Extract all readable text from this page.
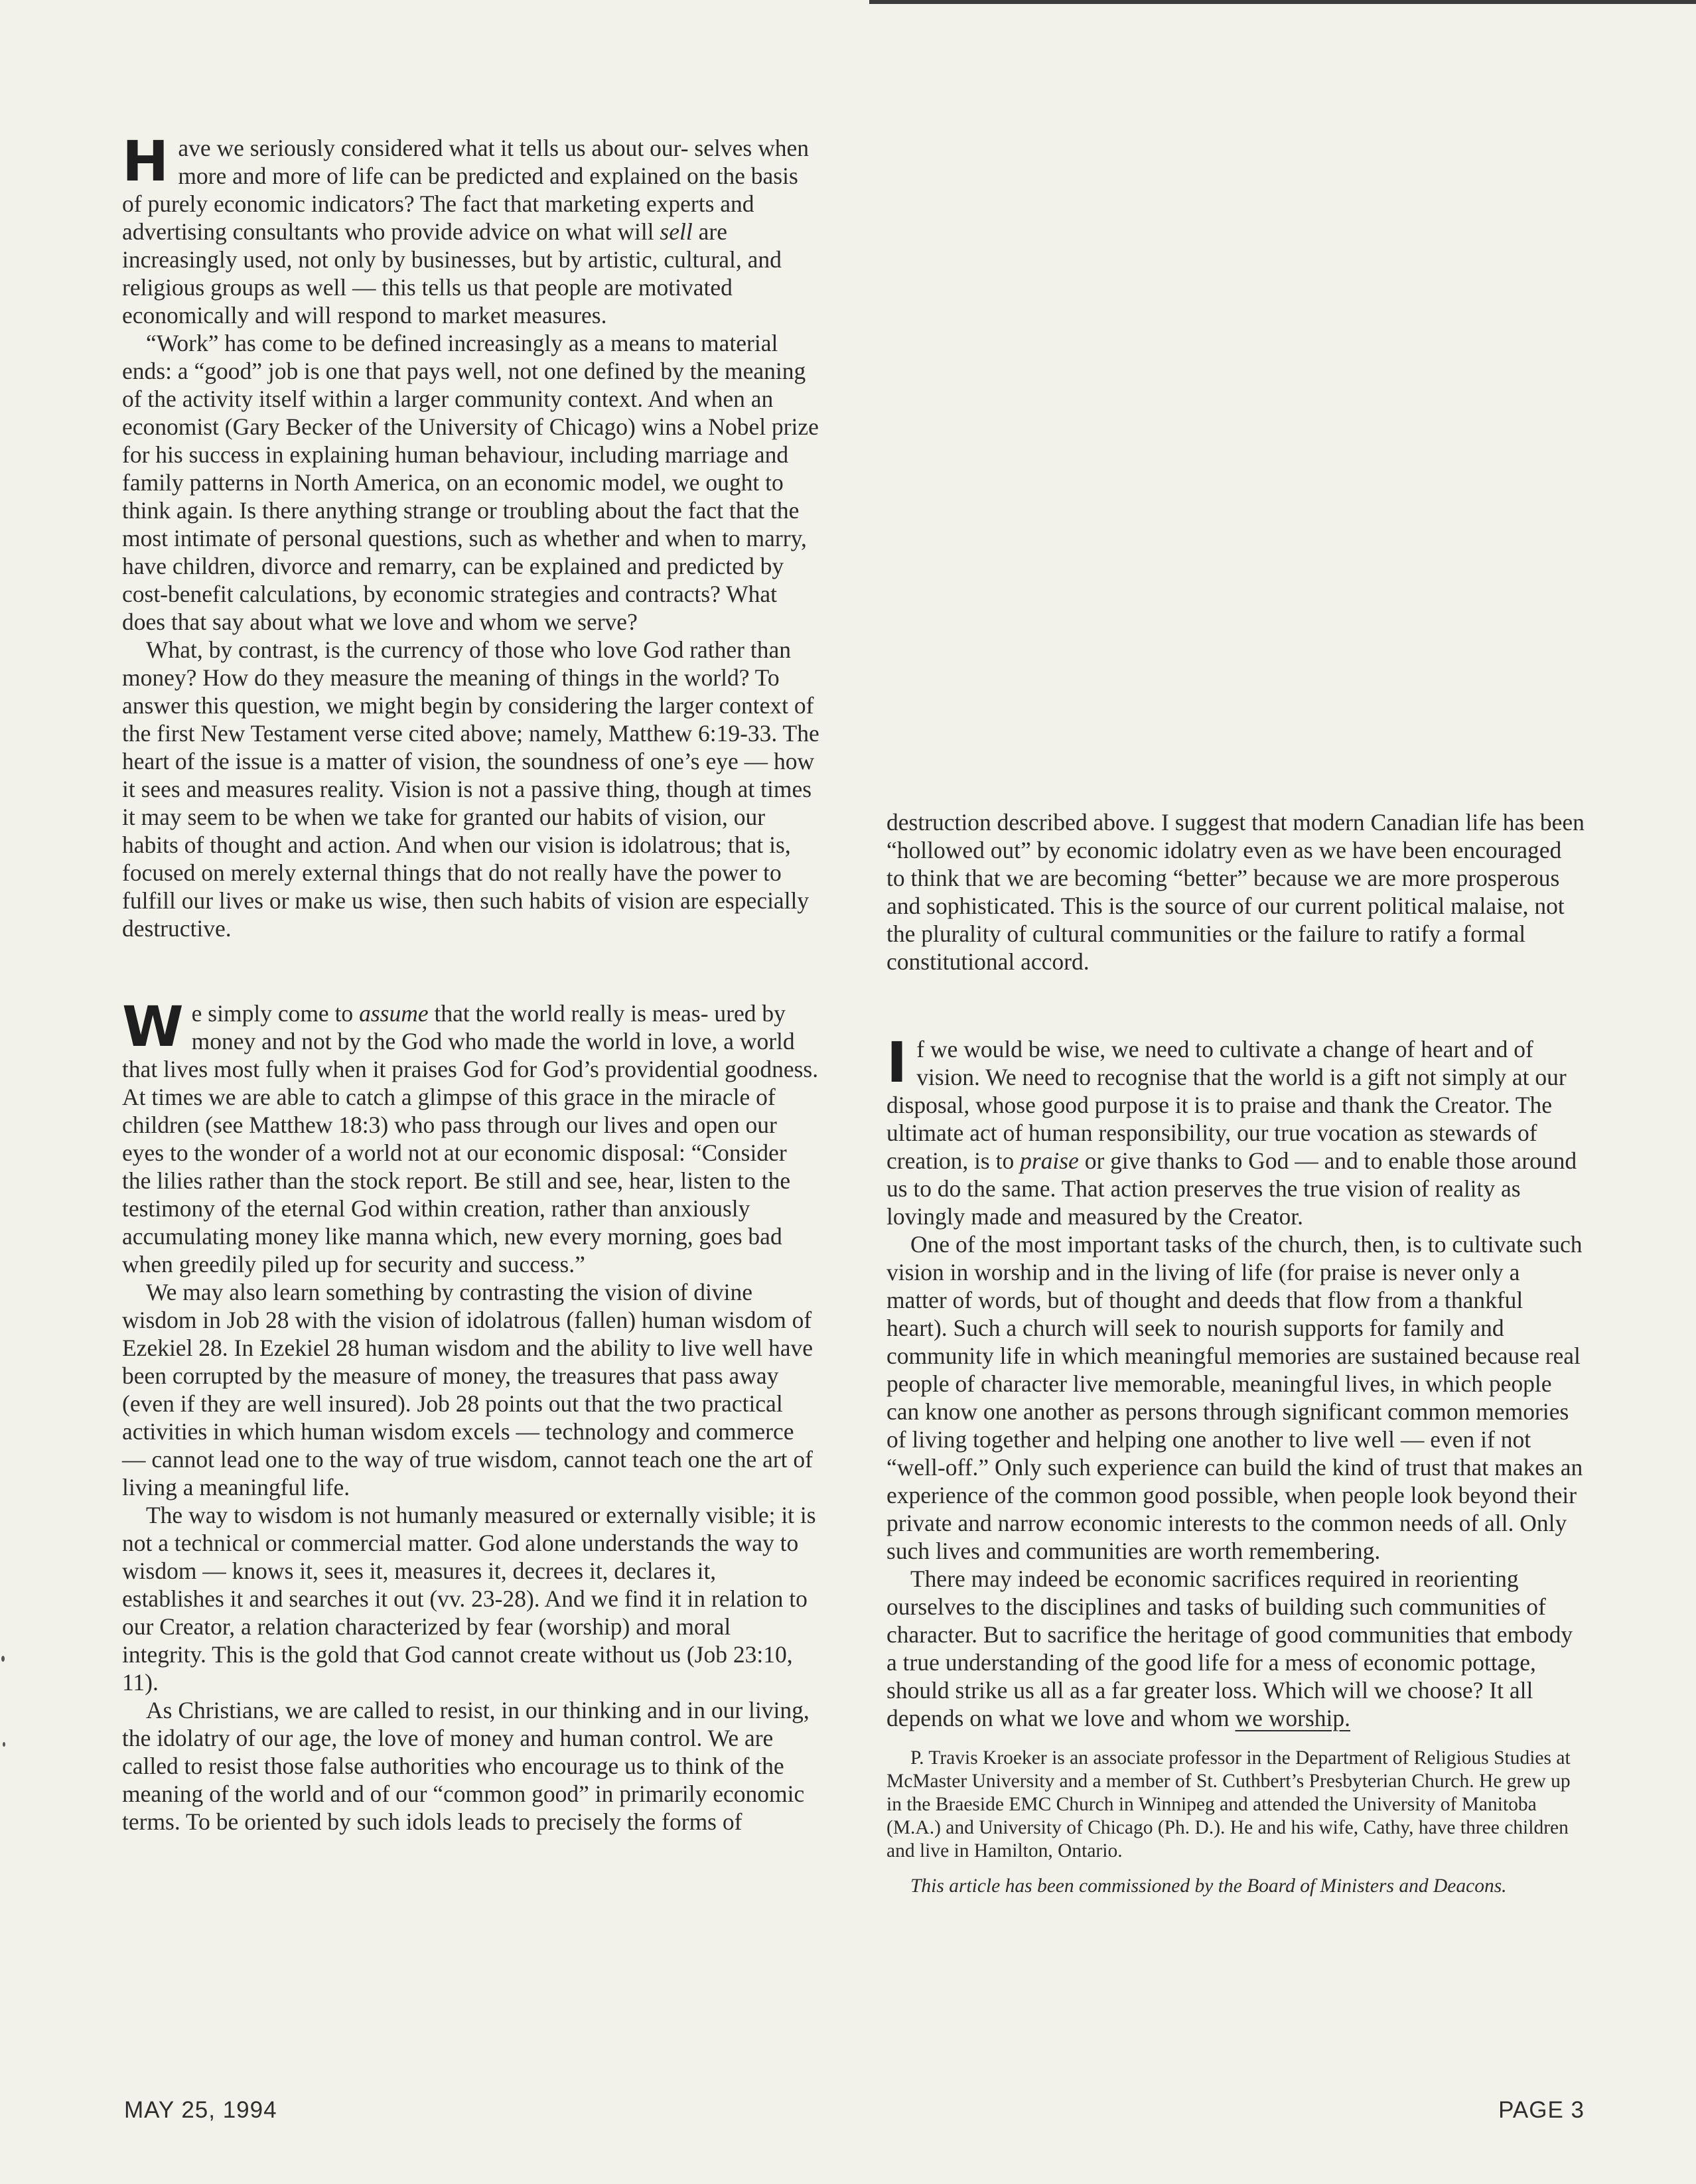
Have we seriously considered what it tells us about our- selves when more and more of life can be predicted and explained on the basis of purely economic indicators? The fact that marketing experts and advertising consultants who provide advice on what will sell are increasingly used, not only by businesses, but by artistic, cultural, and religious groups as well — this tells us that people are motivated economically and will respond to market measures.

“Work” has come to be defined increasingly as a means to material ends: a “good” job is one that pays well, not one defined by the meaning of the activity itself within a larger community context. And when an economist (Gary Becker of the University of Chicago) wins a Nobel prize for his success in explaining human behaviour, including marriage and family patterns in North America, on an economic model, we ought to think again. Is there anything strange or troubling about the fact that the most intimate of personal questions, such as whether and when to marry, have children, divorce and remarry, can be explained and predicted by cost-benefit calculations, by economic strategies and contracts? What does that say about what we love and whom we serve?

What, by contrast, is the currency of those who love God rather than money? How do they measure the meaning of things in the world? To answer this question, we might begin by considering the larger context of the first New Testament verse cited above; namely, Matthew 6:19-33. The heart of the issue is a matter of vision, the soundness of one’s eye — how it sees and measures reality. Vision is not a passive thing, though at times it may seem to be when we take for granted our habits of vision, our habits of thought and action. And when our vision is idolatrous; that is, focused on merely external things that do not really have the power to fulfill our lives or make us wise, then such habits of vision are especially destructive.

We simply come to assume that the world really is meas- ured by money and not by the God who made the world in love, a world that lives most fully when it praises God for God’s providential goodness. At times we are able to catch a glimpse of this grace in the miracle of children (see Matthew 18:3) who pass through our lives and open our eyes to the wonder of a world not at our economic disposal: “Consider the lilies rather than the stock report. Be still and see, hear, listen to the testimony of the eternal God within creation, rather than anxiously accumulating money like manna which, new every morning, goes bad when greedily piled up for security and success.”

We may also learn something by contrasting the vision of divine wisdom in Job 28 with the vision of idolatrous (fallen) human wisdom of Ezekiel 28. In Ezekiel 28 human wisdom and the ability to live well have been corrupted by the measure of money, the treasures that pass away (even if they are well insured). Job 28 points out that the two practical activities in which human wisdom excels — technology and commerce — cannot lead one to the way of true wisdom, cannot teach one the art of living a meaningful life.

The way to wisdom is not humanly measured or externally visible; it is not a technical or commercial matter. God alone understands the way to wisdom — knows it, sees it, measures it, decrees it, declares it, establishes it and searches it out (vv. 23-28). And we find it in relation to our Creator, a relation characterized by fear (worship) and moral integrity. This is the gold that God cannot create without us (Job 23:10, 11).

As Christians, we are called to resist, in our thinking and in our living, the idolatry of our age, the love of money and human control. We are called to resist those false authorities who encourage us to think of the meaning of the world and of our “common good” in primarily economic terms. To be oriented by such idols leads to precisely the forms of

destruction described above. I suggest that modern Canadian life has been “hollowed out” by economic idolatry even as we have been encouraged to think that we are becoming “better” because we are more prosperous and sophisticated. This is the source of our current political malaise, not the plurality of cultural communities or the failure to ratify a formal constitutional accord.

If we would be wise, we need to cultivate a change of heart and of vision. We need to recognise that the world is a gift not simply at our disposal, whose good purpose it is to praise and thank the Creator. The ultimate act of human responsibility, our true vocation as stewards of creation, is to praise or give thanks to God — and to enable those around us to do the same. That action preserves the true vision of reality as lovingly made and measured by the Creator.

One of the most important tasks of the church, then, is to cultivate such vision in worship and in the living of life (for praise is never only a matter of words, but of thought and deeds that flow from a thankful heart). Such a church will seek to nourish supports for family and community life in which meaningful memories are sustained because real people of character live memorable, meaningful lives, in which people can know one another as persons through significant common memories of living together and helping one another to live well — even if not “well-off.” Only such experience can build the kind of trust that makes an experience of the common good possible, when people look beyond their private and narrow economic interests to the common needs of all. Only such lives and communities are worth remembering.

There may indeed be economic sacrifices required in reorienting ourselves to the disciplines and tasks of building such communities of character. But to sacrifice the heritage of good communities that embody a true understanding of the good life for a mess of economic pottage, should strike us all as a far greater loss. Which will we choose? It all depends on what we love and whom we worship.

P. Travis Kroeker is an associate professor in the Department of Religious Studies at McMaster University and a member of St. Cuthbert’s Presbyterian Church. He grew up in the Braeside EMC Church in Winnipeg and attended the University of Manitoba (M.A.) and University of Chicago (Ph. D.). He and his wife, Cathy, have three children and live in Hamilton, Ontario.

This article has been commissioned by the Board of Ministers and Deacons.

MAY 25, 1994	PAGE 3
